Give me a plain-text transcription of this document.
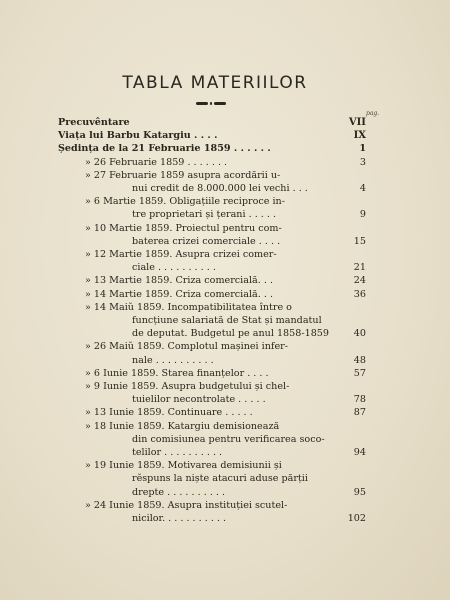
TABLA MATERIILOR
pag.
Precuvêntare	VII
Viața lui Barbu Katargiu . . . .	IX
Ședința de la 21 Februarie 1859 . . . . . .	1
» 26 Februarie 1859 . . . . . . .	3
» 27 Februarie 1859 asupra acordării u-
nui credit de 8.000.000 lei vechi . . .	4
» 6 Martie 1859. Obligațiile reciproce in-
tre proprietari și țerani . . . . .	9
» 10 Martie 1859. Proiectul pentru com-
baterea crizei comerciale . . . .	15
» 12 Martie 1859. Asupra crizei comer-
ciale . . . . . . . . . .	21
» 13 Martie 1859. Criza comercială. . .	24
» 14 Martie 1859. Criza comercială. . .	36
» 14 Maiŭ 1859. Incompatibilitatea între o
funcțiune salariată de Stat și mandatul
de deputat. Budgetul pe anul 1858-1859	40
» 26 Maiŭ 1859. Complotul mașinei infer-
nale . . . . . . . . . .	48
» 6 Iunie 1859. Starea finanțelor . . . .	57
» 9 Iunie 1859. Asupra budgetului și chel-
tuielilor necontrolate . . . . .	78
» 13 Iunie 1859. Continuare . . . . .	87
» 18 Iunie 1859. Katargiu demisionează
din comisiunea pentru verificarea soco-
telilor . . . . . . . . . .	94
» 19 Iunie 1859. Motivarea demisiunii și
rĕspuns la niște atacuri aduse părții
drepte . . . . . . . . . .	95
» 24 Iunie 1859. Asupra instituției scutel-
nicilor. . . . . . . . . . .	102
